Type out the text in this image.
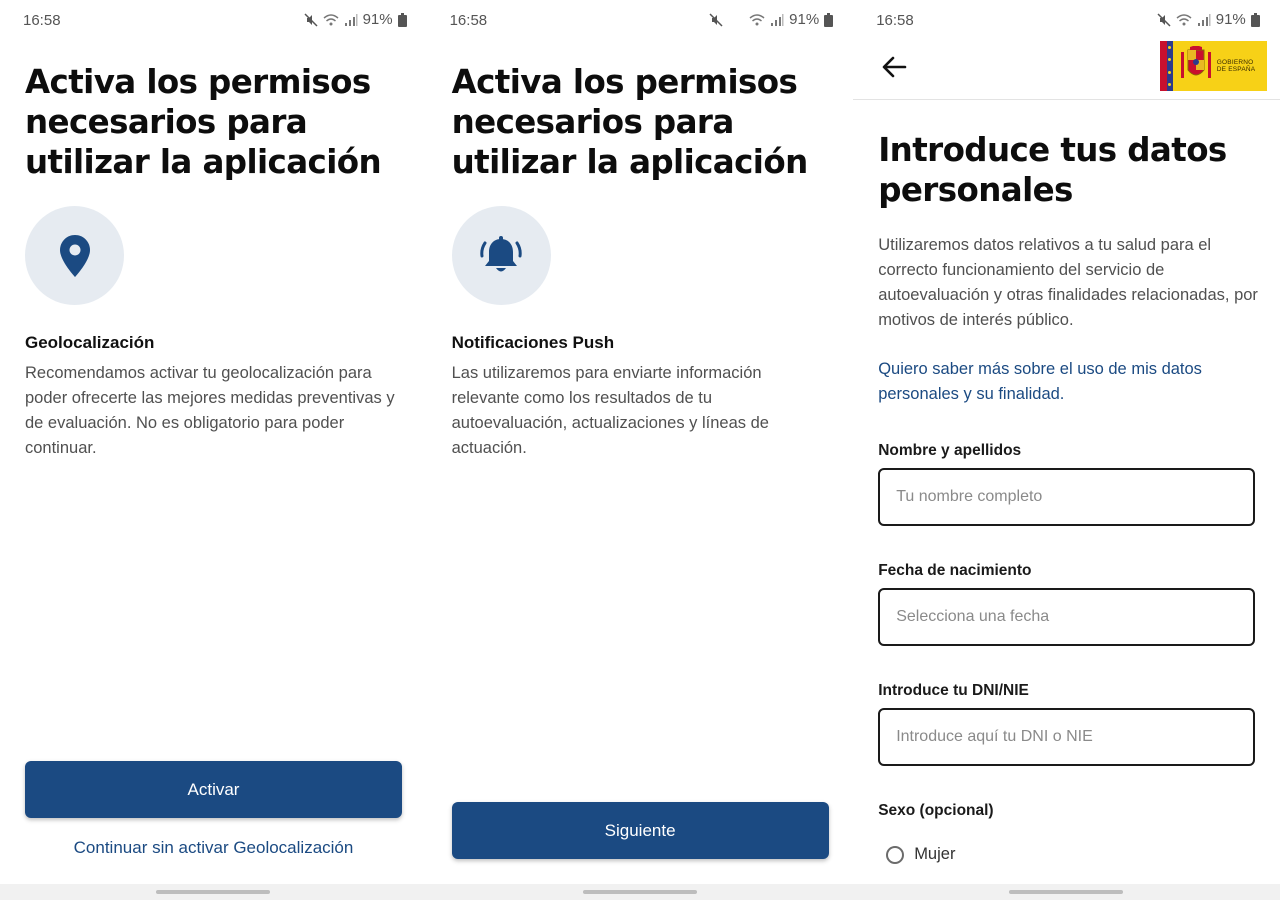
16:58	91%
Activa los permisos necesarios para utilizar la aplicación
Geolocalización

Recomendamos activar tu geolocalización para poder ofrecerte las mejores medidas preventivas y de evaluación. No es obligatorio para poder continuar.

Activar
Continuar sin activar Geolocalización
16:58	91%
Activa los permisos necesarios para utilizar la aplicación
Notificaciones Push

Las utilizaremos para enviarte información relevante como los resultados de tu autoevaluación, actualizaciones y líneas de actuación.

Siguiente
16:58	91%
GOBIERNO
DE ESPAÑA
Introduce tus datos personales

Utilizaremos datos relativos a tu salud para el correcto funcionamiento del servicio de autoevaluación y otras finalidades relacionadas, por motivos de interés público.

Quiero saber más sobre el uso de mis datos personales y su finalidad.

Nombre y apellidos
Tu nombre completo
Fecha de nacimiento
Selecciona una fecha
Introduce tu DNI/NIE
Introduce aquí tu DNI o NIE
Sexo (opcional)
Mujer
